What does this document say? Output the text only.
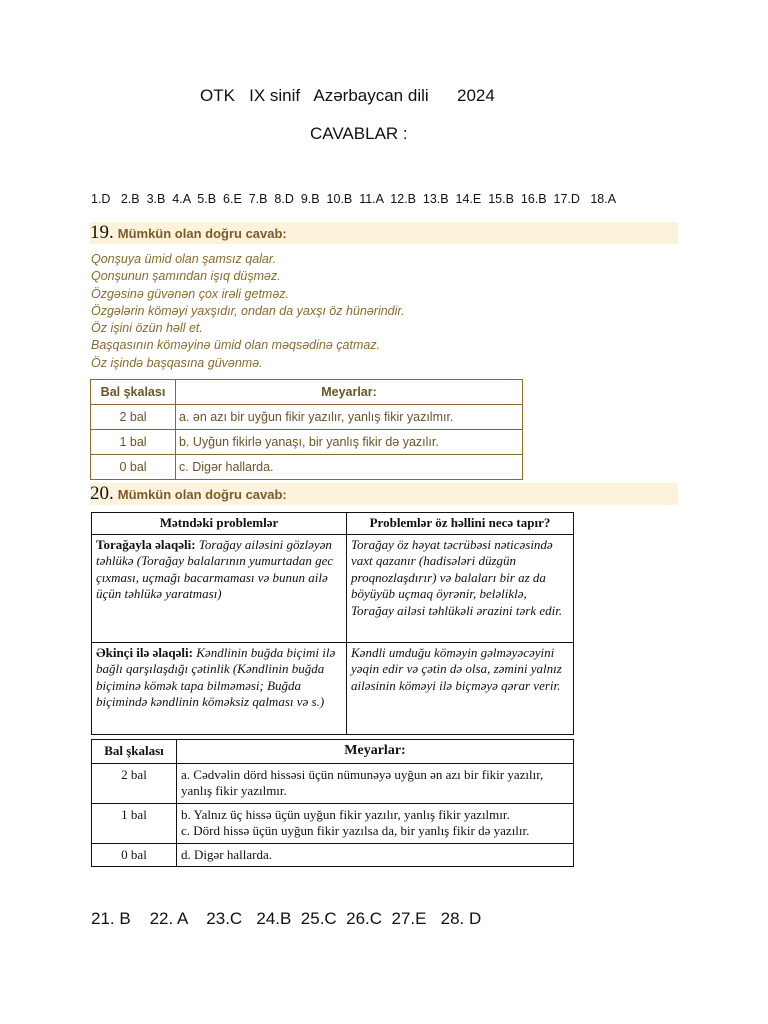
OTK   IX sinif   Azərbaycan dili      2024
CAVABLAR :
1.D   2.B  3.B  4.A  5.B  6.E  7.B  8.D  9.B  10.B  11.A  12.B  13.B  14.E  15.B  16.B  17.D   18.A
19. Mümkün olan doğru cavab:
Qonşuya ümid olan şamsız qalar.
Qonşunun şamından işıq düşməz.
Özgəsinə güvənən çox irəli getməz.
Özgələrin köməyi yaxşıdır, ondan da yaxşı öz hünərindir.
Öz işini özün həll et.
Başqasının köməyinə ümid olan məqsədinə çatmaz.
Öz işində başqasına güvənmə.
Bal şkalası	Meyarlar:
2 bal	a. ən azı bir uyğun fikir yazılır, yanlış fikir yazılmır.
1 bal	b. Uyğun fikirlə yanaşı, bir yanlış fikir də yazılır.
0 bal	c. Digər hallarda.
20. Mümkün olan doğru cavab:
Mətndəki problemlər	Problemlər öz həllini necə tapır?
Torağayla əlaqəli: Torağay ailəsini gözləyən təhlükə (Torağay balalarının yumurtadan gec çıxması, uçmağı bacarmaması və bunun ailə üçün təhlükə yaratması)	Torağay öz həyat təcrübəsi nəticəsində vaxt qazanır (hadisələri düzgün proqnozlaşdırır) və balaları bir az da böyüyüb uçmaq öyrənir, beləliklə, Torağay ailəsi təhlükəli ərazini tərk edir.
Əkinçi ilə əlaqəli: Kəndlinin buğda biçimi ilə bağlı qarşılaşdığı çətinlik (Kəndlinin buğda biçiminə kömək tapa bilməməsi; Buğda biçimində kəndlinin köməksiz qalması və s.)	Kəndli umduğu köməyin gəlməyəcəyini yəqin edir və çətin də olsa, zəmini yalnız ailəsinin köməyi ilə biçməyə qərar verir.
Bal şkalası	Meyarlar:
2 bal	a. Cədvəlin dörd hissəsi üçün nümunəyə uyğun ən azı bir fikir yazılır, yanlış fikir yazılmır.

1 bal	b. Yalnız üç hissə üçün uyğun fikir yazılır, yanlış fikir yazılmır.
c. Dörd hissə üçün uyğun fikir yazılsa da, bir yanlış fikir də yazılır.

0 bal	d. Digər hallarda.
21. B    22. A    23.C   24.B  25.C  26.C  27.E   28. D
